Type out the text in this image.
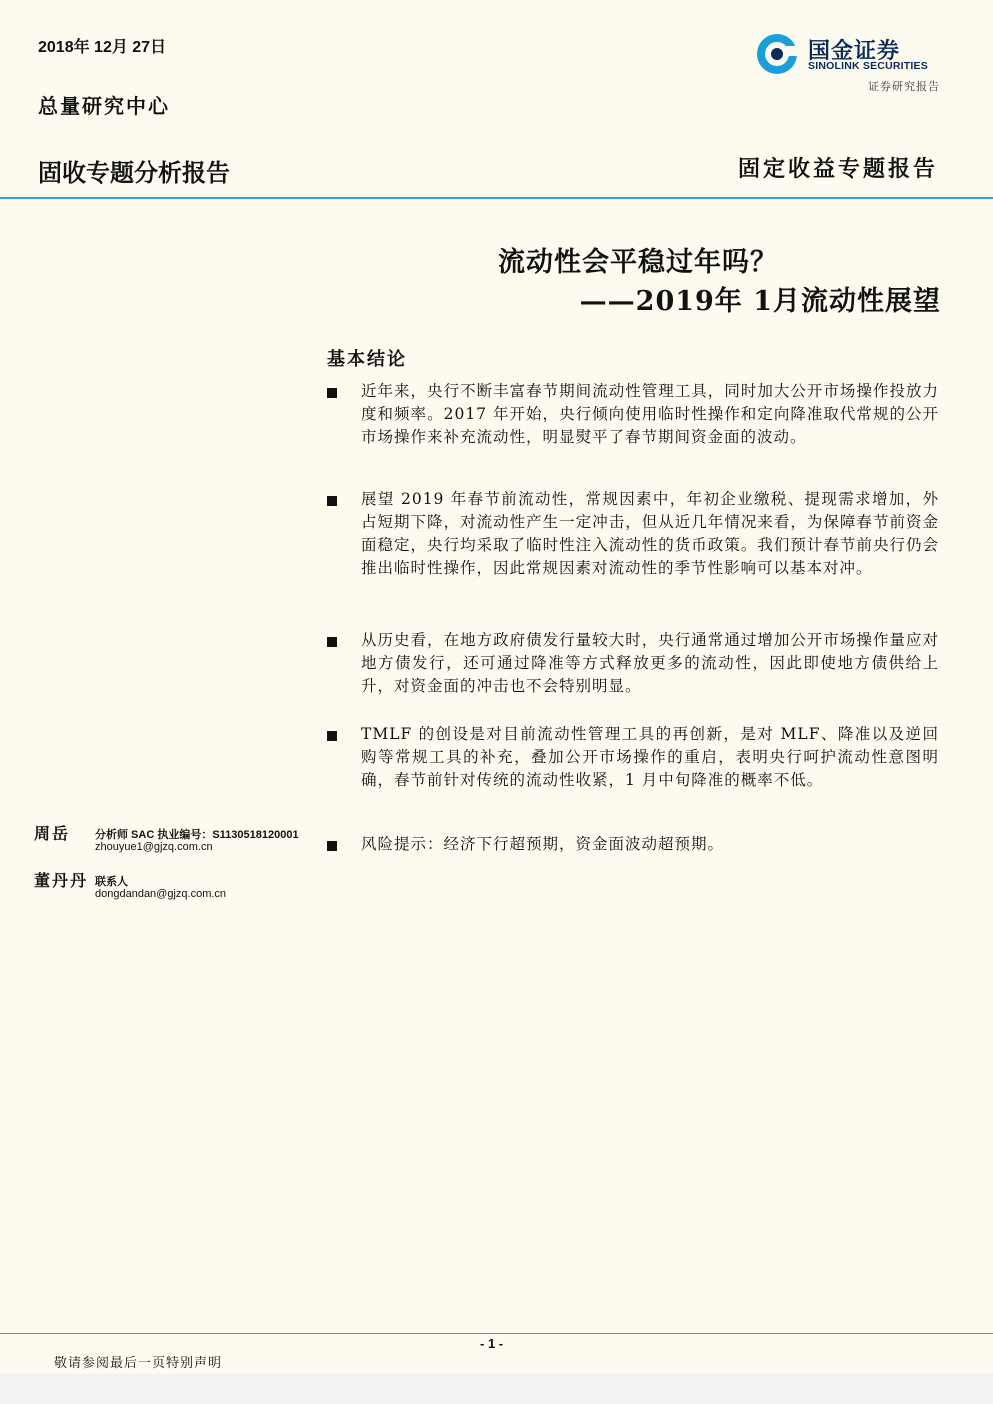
2018年 12月 27日
总量研究中心
国金证券
SINOLINK SECURITIES
证券研究报告
固收专题分析报告	固定收益专题报告
流动性会平稳过年吗？
——2019年 1月流动性展望
基本结论
近年来，央行不断丰富春节期间流动性管理工具，同时加大公开市场操作投放力度和频率。2017 年开始，央行倾向使用临时性操作和定向降准取代常规的公开市场操作来补充流动性，明显熨平了春节期间资金面的波动。
展望 2019 年春节前流动性，常规因素中，年初企业缴税、提现需求增加，外占短期下降，对流动性产生一定冲击，但从近几年情况来看，为保障春节前资金面稳定，央行均采取了临时性注入流动性的货币政策。我们预计春节前央行仍会推出临时性操作，因此常规因素对流动性的季节性影响可以基本对冲。
从历史看，在地方政府债发行量较大时，央行通常通过增加公开市场操作量应对地方债发行，还可通过降准等方式释放更多的流动性，因此即使地方债供给上升，对资金面的冲击也不会特别明显。
TMLF 的创设是对目前流动性管理工具的再创新，是对 MLF、降准以及逆回购等常规工具的补充，叠加公开市场操作的重启，表明央行呵护流动性意图明确，春节前针对传统的流动性收紧，1 月中旬降准的概率不低。
风险提示：经济下行超预期，资金面波动超预期。
周岳 分析师 SAC 执业编号：S1130518120001
zhouyue1@gjzq.com.cn
董丹丹 联系人
dongdandan@gjzq.com.cn
- 1 -
敬请参阅最后一页特别声明
